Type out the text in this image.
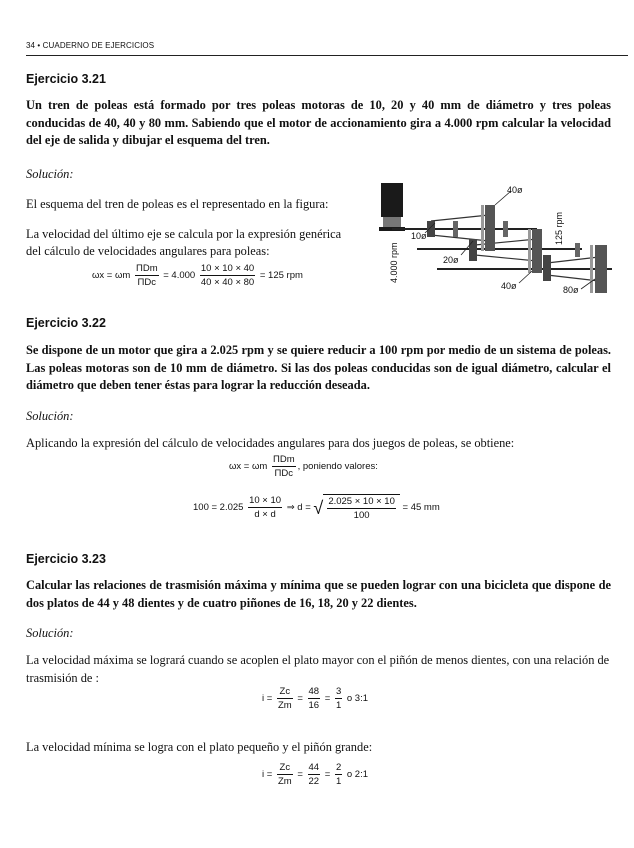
34 • CUADERNO DE EJERCICIOS
Ejercicio 3.21
Un tren de poleas está formado por tres poleas motoras de 10, 20 y 40 mm de diámetro y tres poleas conducidas de 40, 40 y 80 mm. Sabiendo que el motor de accionamiento gira a 4.000 rpm calcular la velocidad del eje de salida y dibujar el esquema del tren.
Solución:
El esquema del tren de poleas es el representado en la figura:
La velocidad del último eje se calcula por la expresión genérica
del cálculo de velocidades angulares para poleas:
ωx = ωm $\frac{\text{ΠDm}}{\text{ΠDc}} = 4.000 \frac{10 \times 10 \times 40}{40 \times 40 \times 80} = 125$ rpm	4.000 rpm
125 rpm
10ø
20ø
40ø
40ø	80ø
Ejercicio 3.22
Se dispone de un motor que gira a 2.025 rpm y se quiere reducir a 100 rpm por medio de un sistema de poleas. Las poleas motoras son de 10 mm de diámetro. Si las dos poleas conducidas son de igual diámetro, calcular el diámetro que deben tener éstas para lograr la reducción deseada.
Solución:
Aplicando la expresión del cálculo de velocidades angulares para dos juegos de poleas, se obtiene:
ωx = ωm $\frac{\text{ΠDm}}{\text{ΠDc}}$ , poniendo valores:
$100 = 2.025 \frac{10 \times 10}{d \times d}$ ⇒ d = √ $\frac{2.025 \times 10 \times 10}{100} = 45$ mm
Ejercicio 3.23
Calcular las relaciones de trasmisión máxima y mínima que se pueden lograr con una bicicleta que dispone de dos platos de 44 y 48 dientes y de cuatro piñones de 16, 18, 20 y 22 dientes.
Solución:
La velocidad máxima se logrará cuando se acoplen el plato mayor con el piñón de menos dientes, con una relación de trasmisión de :
$i = \frac{Zc}{Zm} = \frac{48}{16} = \frac{3}{1}$ o 3:1
La velocidad mínima se logra con el plato pequeño y el piñón grande:
$i = \frac{Zc}{Zm} = \frac{44}{22} = \frac{2}{1}$ o 2:1
